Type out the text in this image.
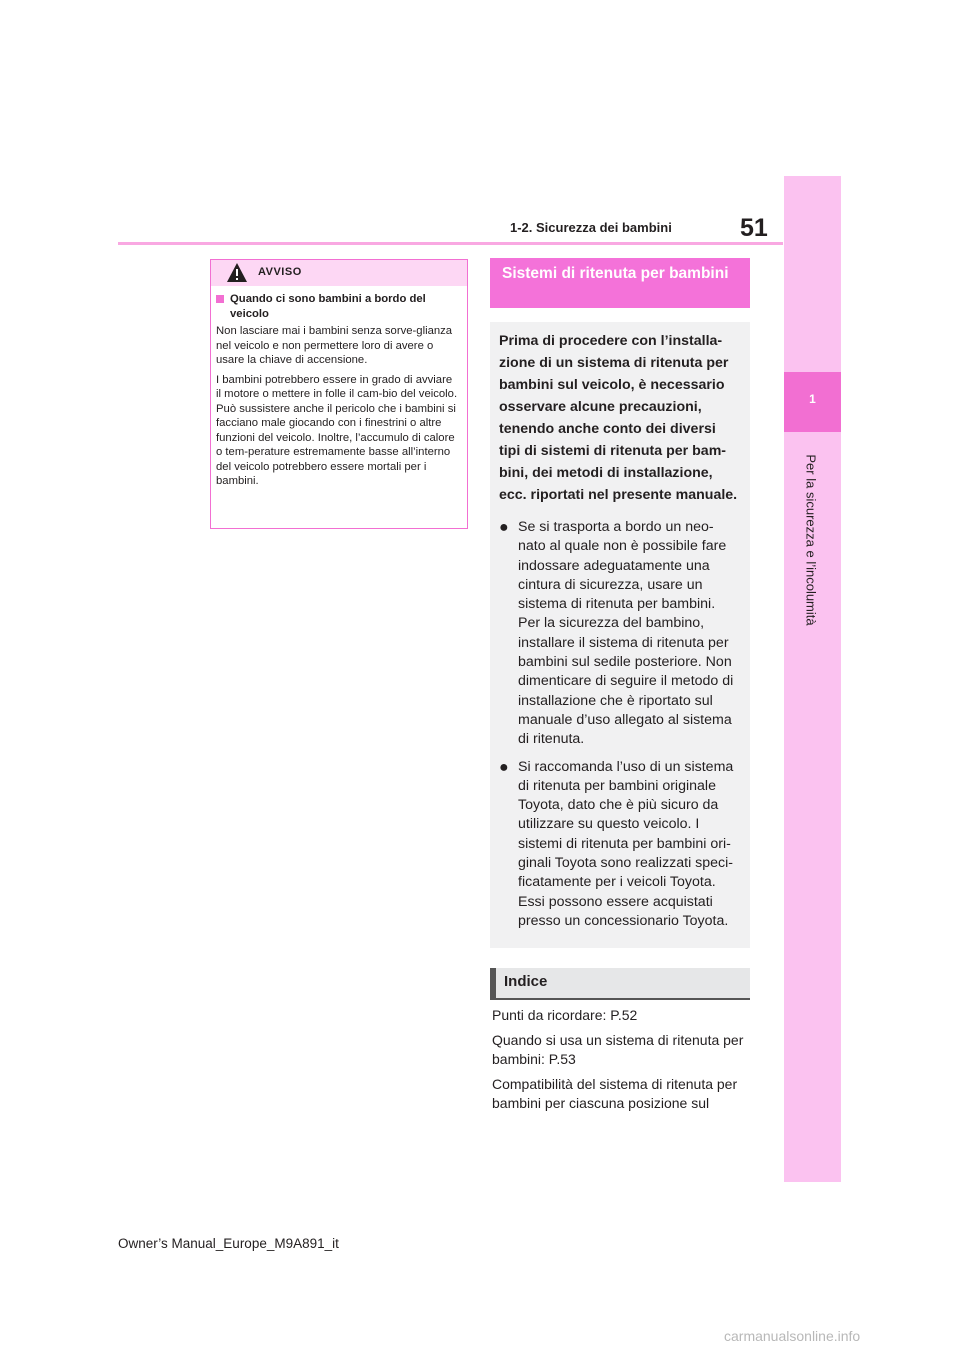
51
1-2. Sicurezza dei bambini
1
Per la sicurezza e l’incolumità
AVVISO
Quando ci sono bambini a bordo del veicolo

Non lasciare mai i bambini senza sorve-glianza nel veicolo e non permettere loro di avere o usare la chiave di accensione.

I bambini potrebbero essere in grado di avviare il motore o mettere in folle il cam-bio del veicolo. Può sussistere anche il pericolo che i bambini si facciano male giocando con i finestrini o altre funzioni del veicolo. Inoltre, l’accumulo di calore o tem-perature estremamente basse all’interno del veicolo potrebbero essere mortali per i bambini.

Sistemi di ritenuta per bambini

Prima di procedere con l’installa-zione di un sistema di ritenuta per bambini sul veicolo, è necessario osservare alcune precauzioni, tenendo anche conto dei diversi tipi di sistemi di ritenuta per bam-bini, dei metodi di installazione, ecc. riportati nel presente manuale.

● Se si trasporta a bordo un neo-nato al quale non è possibile fare indossare adeguatamente una cintura di sicurezza, usare un sistema di ritenuta per bambini. Per la sicurezza del bambino, installare il sistema di ritenuta per bambini sul sedile posteriore. Non dimenticare di seguire il metodo di installazione che è riportato sul manuale d’uso allegato al sistema di ritenuta.
● Si raccomanda l’uso di un sistema di ritenuta per bambini originale Toyota, dato che è più sicuro da utilizzare su questo veicolo. I sistemi di ritenuta per bambini ori-ginali Toyota sono realizzati speci-ficatamente per i veicoli Toyota. Essi possono essere acquistati presso un concessionario Toyota.
Indice
Punti da ricordare: P.52
Quando si usa un sistema di ritenuta per bambini: P.53
Compatibilità del sistema di ritenuta per bambini per ciascuna posizione sul
Owner’s Manual_Europe_M9A891_it
carmanualsonline.info
